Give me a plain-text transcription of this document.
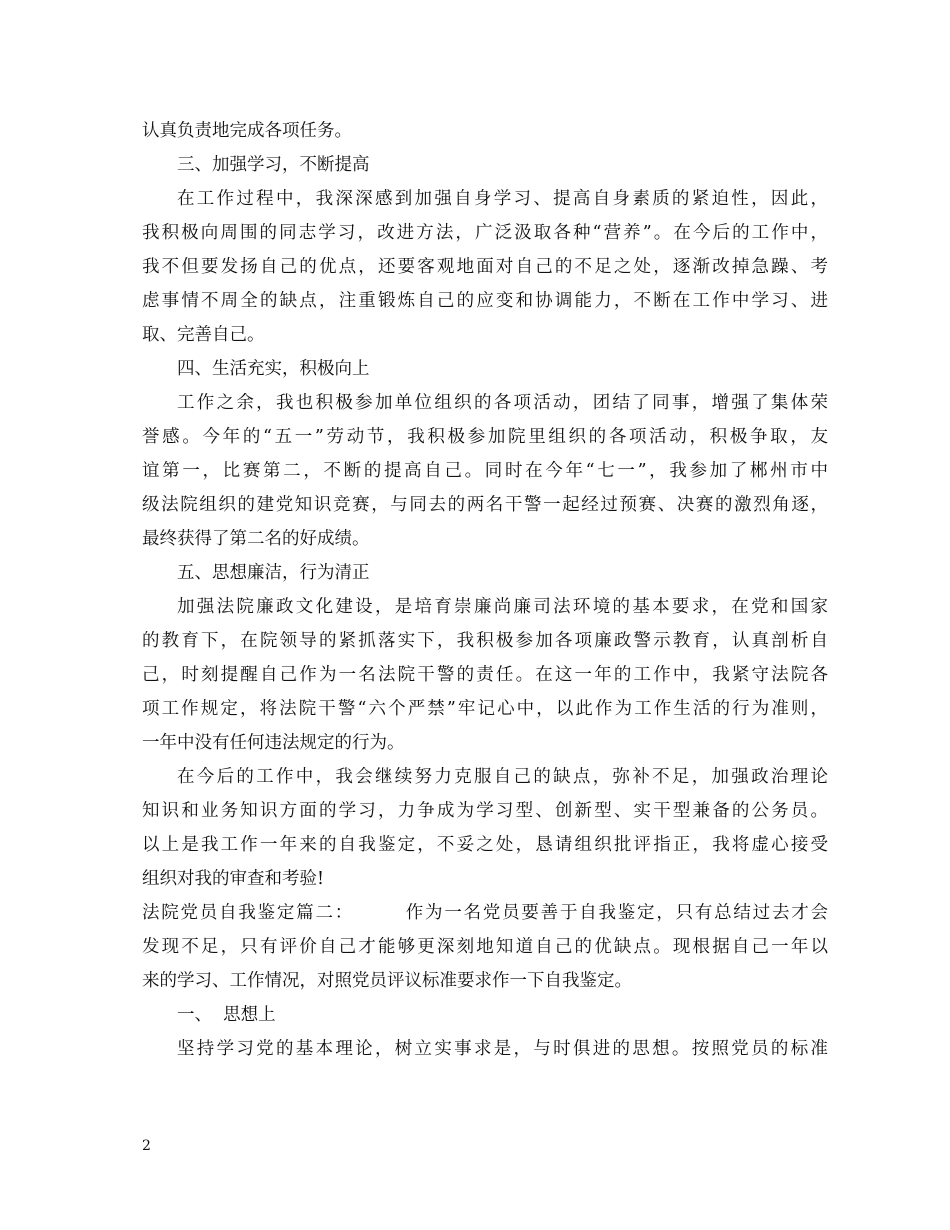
认真负责地完成各项任务。
三、加强学习，不断提高
在工作过程中，我深深感到加强自身学习、提高自身素质的紧迫性，因此，
我积极向周围的同志学习，改进方法，广泛汲取各种“营养”。在今后的工作中，
我不但要发扬自己的优点，还要客观地面对自己的不足之处，逐渐改掉急躁、考
虑事情不周全的缺点，注重锻炼自己的应变和协调能力，不断在工作中学习、进
取、完善自己。
四、生活充实，积极向上
工作之余，我也积极参加单位组织的各项活动，团结了同事，增强了集体荣
誉感。今年的“五一”劳动节，我积极参加院里组织的各项活动，积极争取，友
谊第一，比赛第二，不断的提高自己。同时在今年“七一”，我参加了郴州市中
级法院组织的建党知识竞赛，与同去的两名干警一起经过预赛、决赛的激烈角逐，
最终获得了第二名的好成绩。
五、思想廉洁，行为清正
加强法院廉政文化建设，是培育崇廉尚廉司法环境的基本要求，在党和国家
的教育下，在院领导的紧抓落实下，我积极参加各项廉政警示教育，认真剖析自
己，时刻提醒自己作为一名法院干警的责任。在这一年的工作中，我紧守法院各
项工作规定，将法院干警“六个严禁”牢记心中，以此作为工作生活的行为准则，
一年中没有任何违法规定的行为。
在今后的工作中，我会继续努力克服自己的缺点，弥补不足，加强政治理论
知识和业务知识方面的学习，力争成为学习型、创新型、实干型兼备的公务员。
以上是我工作一年来的自我鉴定，不妥之处，恳请组织批评指正，我将虚心接受
组织对我的审查和考验!
法院党员自我鉴定篇二：	作为一名党员要善于自我鉴定，只有总结过去才会
发现不足，只有评价自己才能够更深刻地知道自己的优缺点。现根据自己一年以
来的学习、工作情况，对照党员评议标准要求作一下自我鉴定。
一、  思想上
坚持学习党的基本理论，树立实事求是，与时俱进的思想。按照党员的标准
2
